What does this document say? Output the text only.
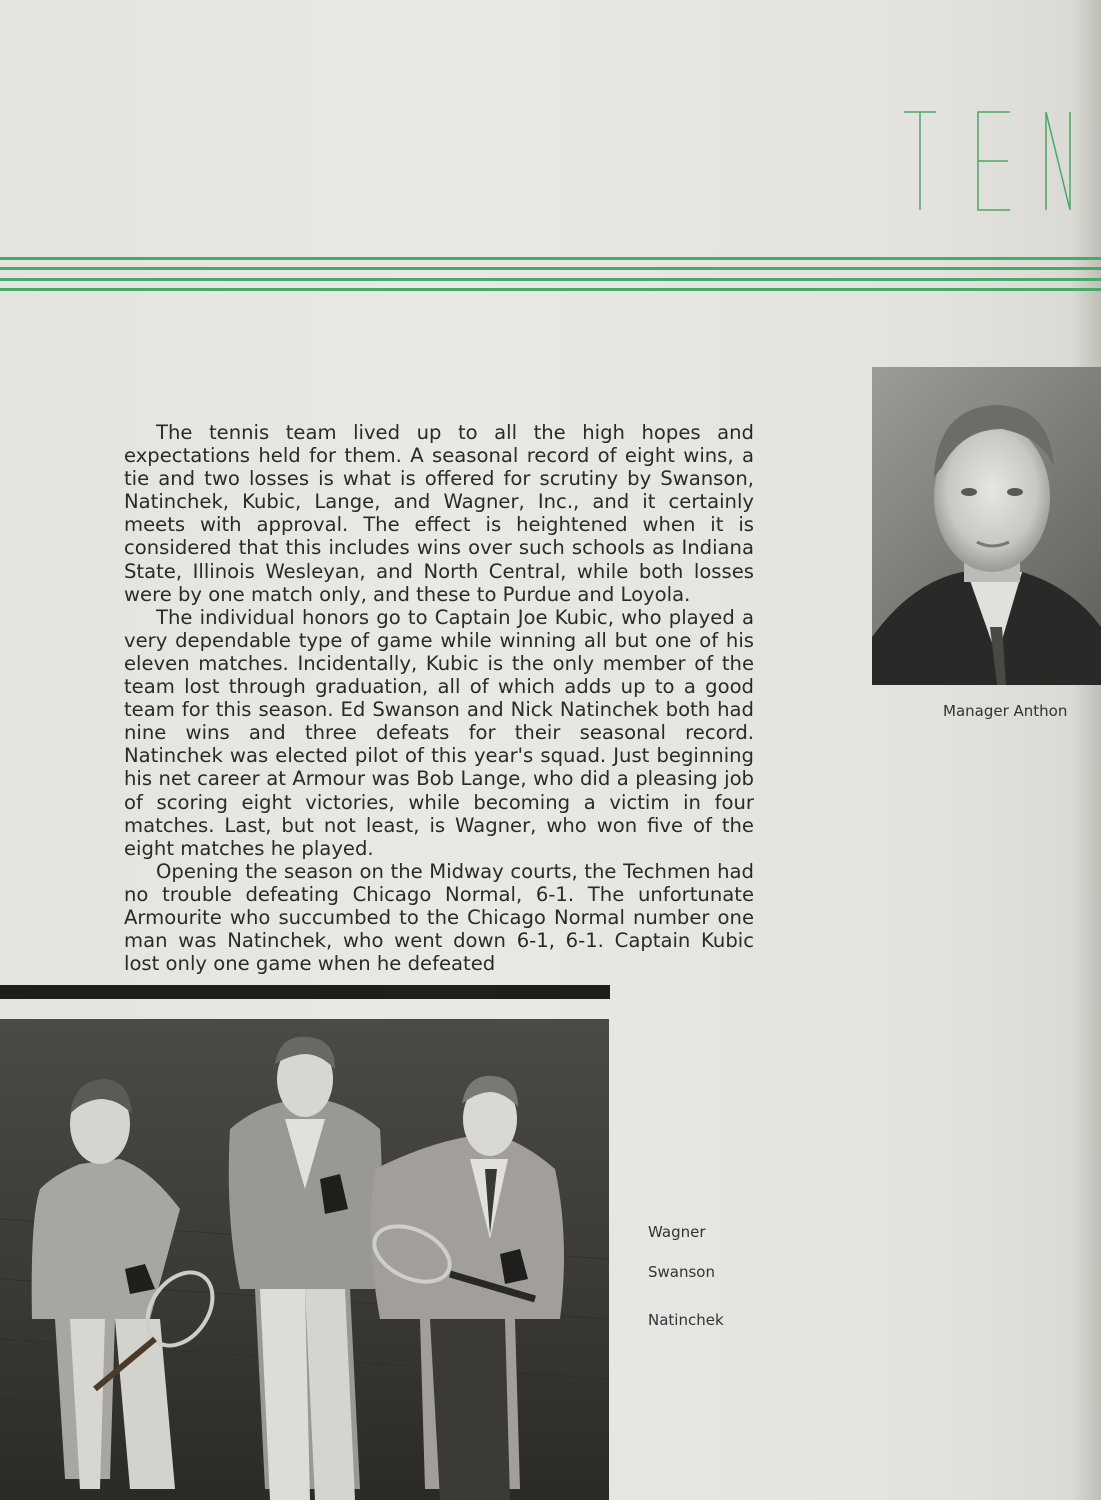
The tennis team lived up to all the high hopes and expectations held for them. A seasonal record of eight wins, a tie and two losses is what is offered for scrutiny by Swanson, Natinchek, Kubic, Lange, and Wagner, Inc., and it certainly meets with approval. The effect is heightened when it is considered that this includes wins over such schools as Indiana State, Illinois Wesleyan, and North Central, while both losses were by one match only, and these to Purdue and Loyola.

The individual honors go to Captain Joe Kubic, who played a very dependable type of game while winning all but one of his eleven matches. Incidentally, Kubic is the only member of the team lost through graduation, all of which adds up to a good team for this season. Ed Swanson and Nick Natinchek both had nine wins and three defeats for their seasonal record. Natinchek was elected pilot of this year's squad. Just beginning his net career at Armour was Bob Lange, who did a pleasing job of scoring eight victories, while becoming a victim in four matches. Last, but not least, is Wagner, who won five of the eight matches he played.

Opening the season on the Midway courts, the Techmen had no trouble defeating Chicago Normal, 6-1. The unfortunate Armourite who succumbed to the Chicago Normal number one man was Natinchek, who went down 6-1, 6-1. Captain Kubic lost only one game when he defeated

Manager Anthon
Wagner
Swanson
Natinchek
